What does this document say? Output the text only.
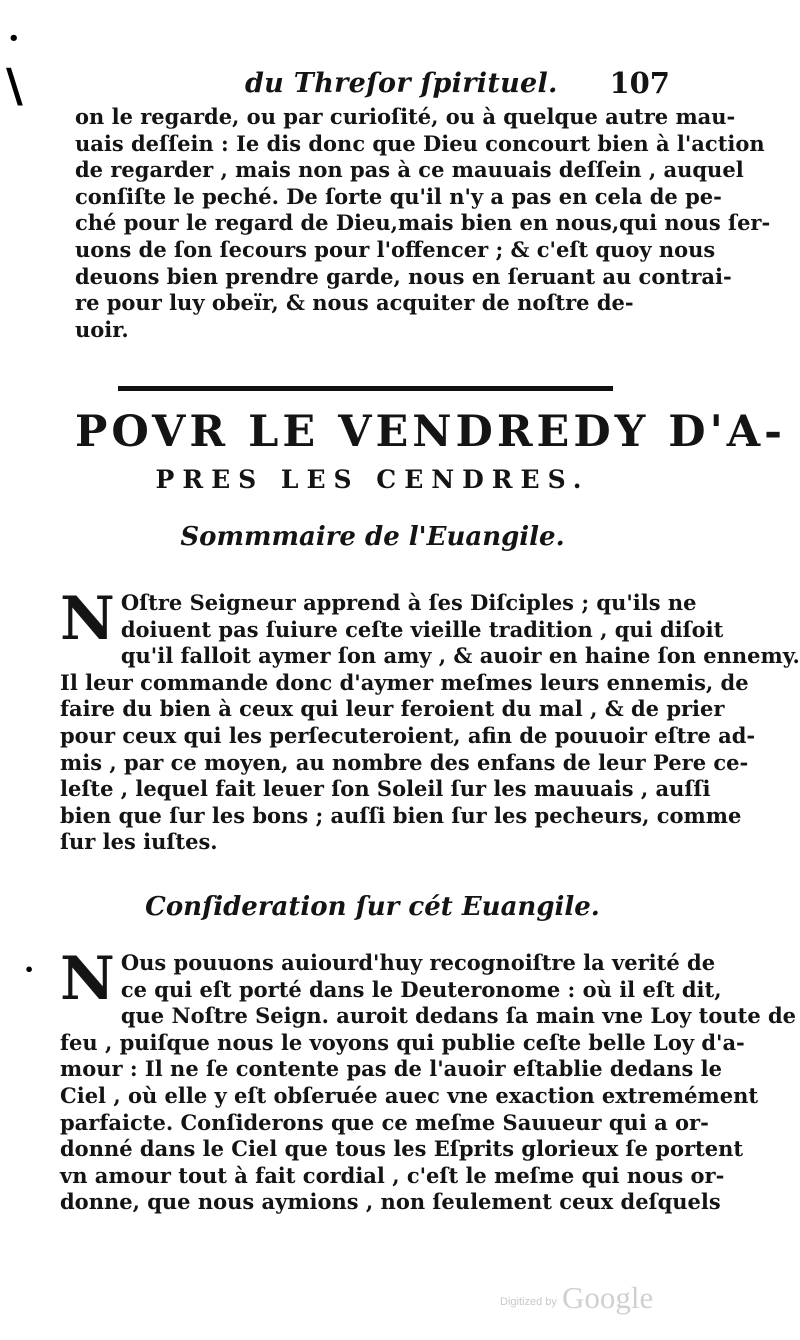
•
\
•
du Threſor ſpirituel. 107
on le regarde, ou par curioſité, ou à quelque autre mau-
uais deſſein : Ie dis donc que Dieu concourt bien à l'action
de regarder , mais non pas à ce mauuais deſſein , auquel
conſiſte le peché. De ſorte qu'il n'y a pas en cela de pe-
ché pour le regard de Dieu,mais bien en nous,qui nous ſer-
uons de ſon ſecours pour l'offencer ; & c'eſt quoy nous
deuons bien prendre garde, nous en ſeruant au contrai-
re pour luy obeïr, & nous acquiter de noſtre de-
uoir.
POVR LE VENDREDY D'A-
PRES LES CENDRES.
Sommmaire de l'Euangile.
N Oſtre Seigneur apprend à ſes Diſciples ; qu'ils ne
doiuent pas ſuiure ceſte vieille tradition , qui diſoit
qu'il falloit aymer ſon amy , & auoir en haine ſon ennemy.
Il leur commande donc d'aymer meſmes leurs ennemis, de
faire du bien à ceux qui leur feroient du mal , & de prier
pour ceux qui les perſecuteroient, afin de pouuoir eſtre ad-
mis , par ce moyen, au nombre des enfans de leur Pere ce-
leſte , lequel fait leuer ſon Soleil ſur les mauuais , auſſi
bien que ſur les bons ; auſſi bien ſur les pecheurs, comme
ſur les iuſtes.
Conſideration ſur cét Euangile.
N Ous pouuons auiourd'huy recognoiſtre la verité de
ce qui eſt porté dans le Deuteronome : où il eſt dit,
que Noſtre Seign. auroit dedans ſa main vne Loy toute de
feu , puiſque nous le voyons qui publie ceſte belle Loy d'a-
mour : Il ne ſe contente pas de l'auoir eſtablie dedans le
Ciel , où elle y eſt obſeruée auec vne exaction extremément
parfaicte. Conſiderons que ce meſme Sauueur qui a or-
donné dans le Ciel que tous les Eſprits glorieux ſe portent
vn amour tout à fait cordial , c'eſt le meſme qui nous or-
donne, que nous aymions , non ſeulement ceux deſquels
Digitized by Google
